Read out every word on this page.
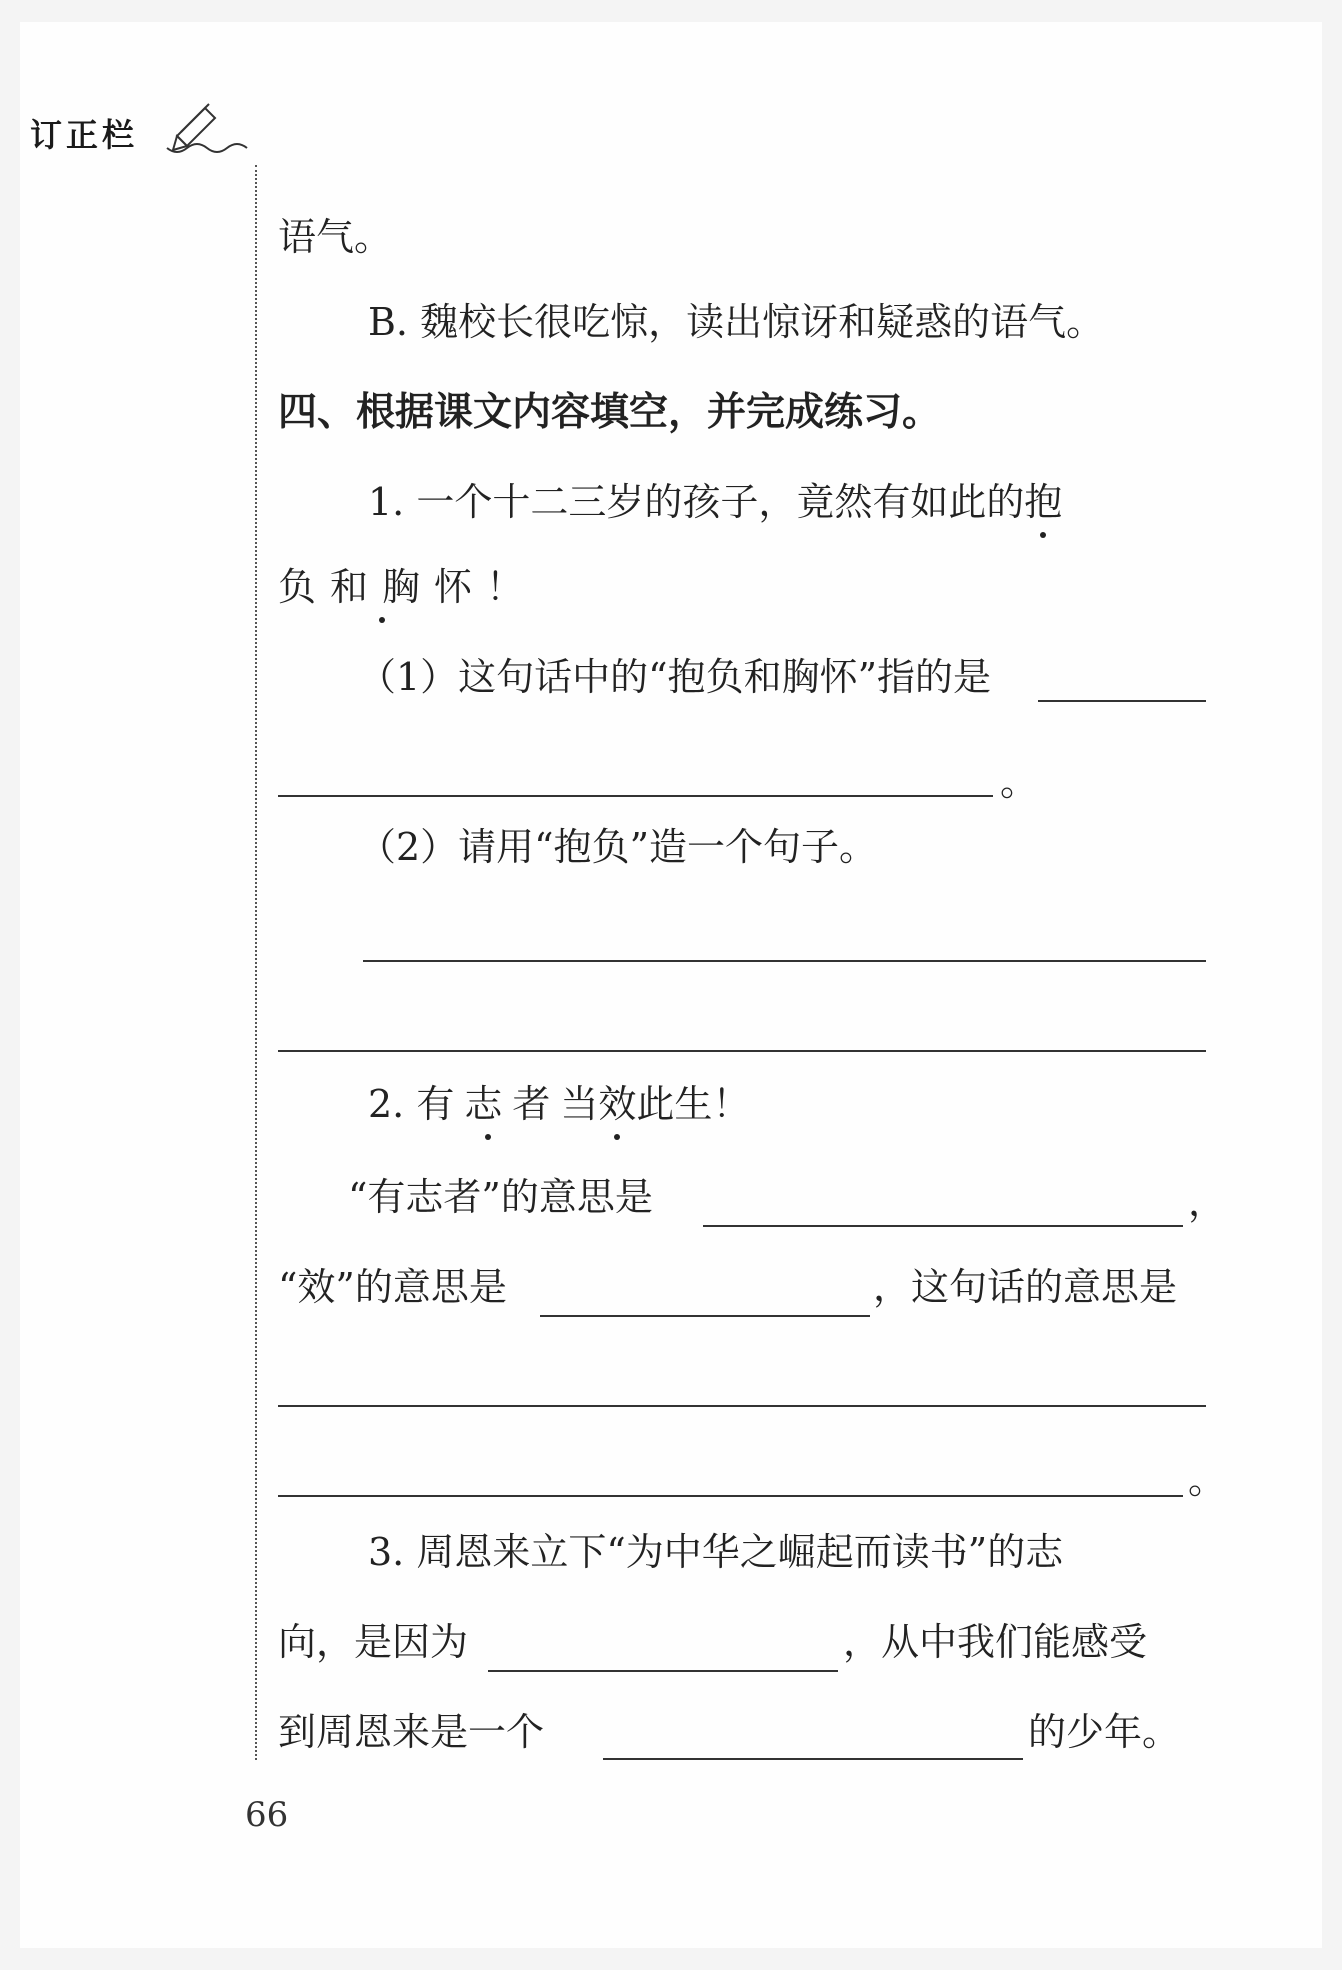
订正栏
语气。
B. 魏校长很吃惊，读出惊讶和疑惑的语气。
四、根据课文内容填空，并完成练习。
1. 一个十二三岁的孩子，竟然有如此的抱
负和胸怀！
（1）这句话中的“抱负和胸怀”指的是
。
（2）请用“抱负”造一个句子。
2. 有志者当效此生！
“有志者”的意思是	，
“效”的意思是	，这句话的意思是
。
3. 周恩来立下“为中华之崛起而读书”的志
向，是因为	，从中我们能感受
到周恩来是一个	的少年。
66
